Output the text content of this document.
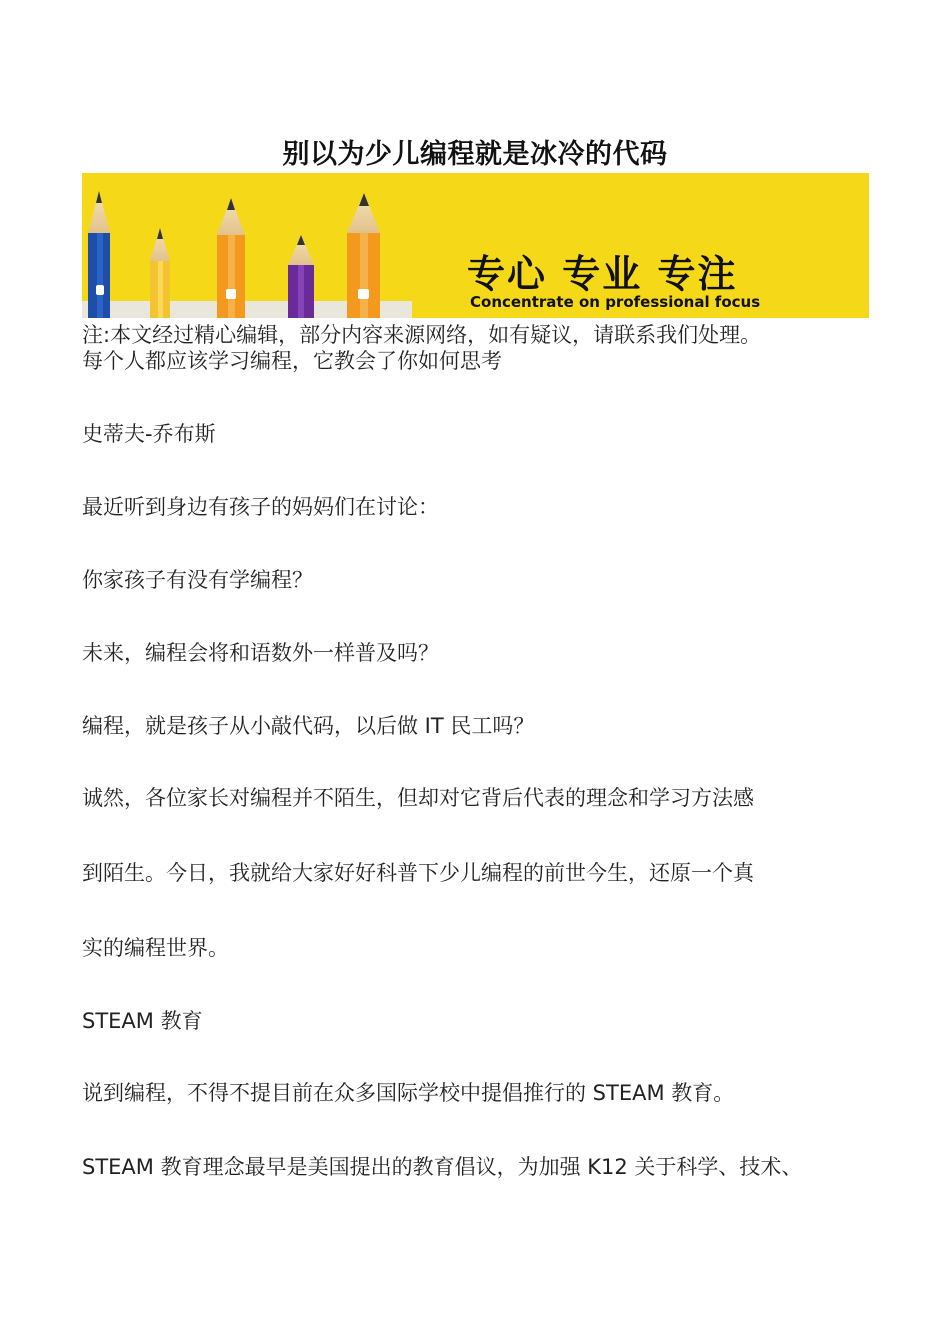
别以为少儿编程就是冰冷的代码
专心 专业 专注
Concentrate on professional focus
注:本文经过精心编辑，部分内容来源网络，如有疑议，请联系我们处理。
每个人都应该学习编程，它教会了你如何思考
史蒂夫-乔布斯
最近听到身边有孩子的妈妈们在讨论：
你家孩子有没有学编程？
未来，编程会将和语数外一样普及吗？
编程，就是孩子从小敲代码，以后做 IT 民工吗？
诚然，各位家长对编程并不陌生，但却对它背后代表的理念和学习方法感
到陌生。今日，我就给大家好好科普下少儿编程的前世今生，还原一个真
实的编程世界。
STEAM 教育
说到编程，不得不提目前在众多国际学校中提倡推行的 STEAM 教育。
STEAM 教育理念最早是美国提出的教育倡议，为加强 K12 关于科学、技术、
